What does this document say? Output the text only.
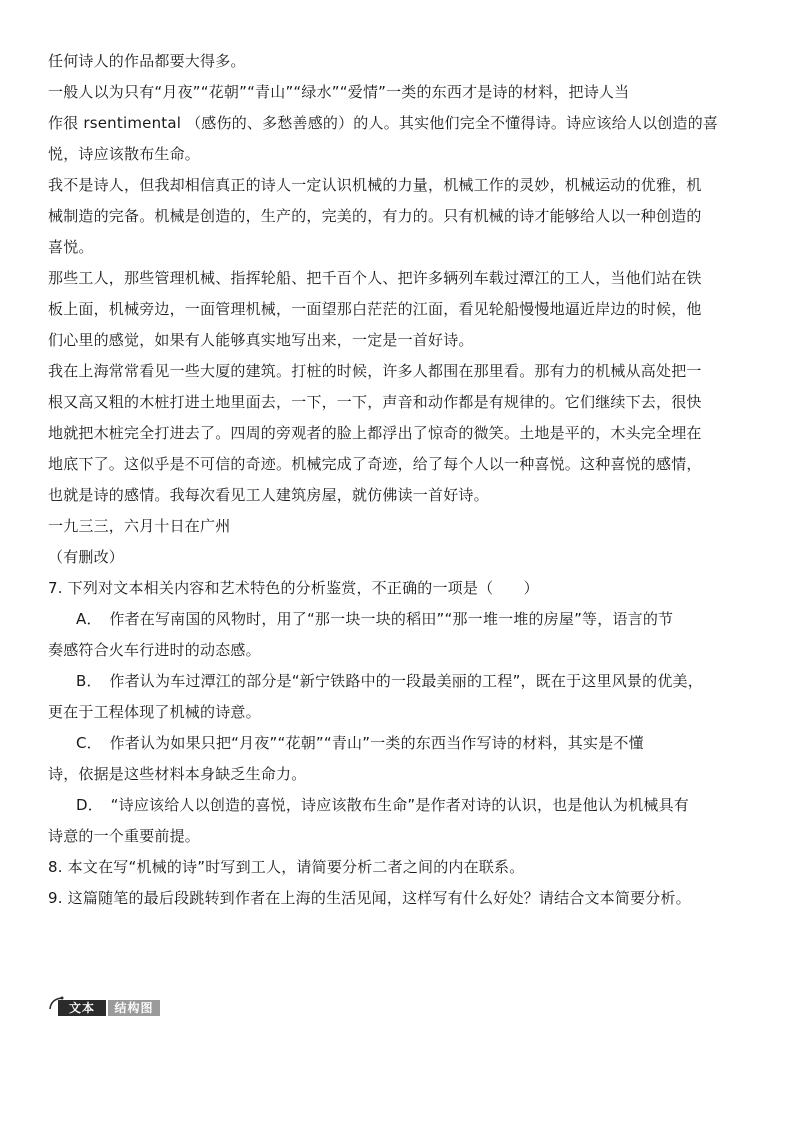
任何诗人的作品都要大得多。
一般人以为只有“月夜”“花朝”“青山”“绿水”“爱情”一类的东西才是诗的材料，把诗人当
作很 rsentimental （感伤的、多愁善感的）的人。其实他们完全不懂得诗。诗应该给人以创造的喜
悦，诗应该散布生命。
我不是诗人，但我却相信真正的诗人一定认识机械的力量，机械工作的灵妙，机械运动的优雅，机
械制造的完备。机械是创造的，生产的，完美的，有力的。只有机械的诗才能够给人以一种创造的
喜悦。
那些工人，那些管理机械、指挥轮船、把千百个人、把许多辆列车载过潭江的工人，当他们站在铁
板上面，机械旁边，一面管理机械，一面望那白茫茫的江面，看见轮船慢慢地逼近岸边的时候，他
们心里的感觉，如果有人能够真实地写出来，一定是一首好诗。
我在上海常常看见一些大厦的建筑。打桩的时候，许多人都围在那里看。那有力的机械从高处把一
根又高又粗的木桩打进土地里面去，一下，一下，声音和动作都是有规律的。它们继续下去，很快
地就把木桩完全打进去了。四周的旁观者的脸上都浮出了惊奇的微笑。土地是平的，木头完全埋在
地底下了。这似乎是不可信的奇迹。机械完成了奇迹，给了每个人以一种喜悦。这种喜悦的感情，
也就是诗的感情。我每次看见工人建筑房屋，就仿佛读一首好诗。
一九三三，六月十日在广州
（有删改）
7. 下列对文本相关内容和艺术特色的分析鉴赏，不正确的一项是（　　）
A．　作者在写南国的风物时，用了“那一块一块的稻田”“那一堆一堆的房屋”等，语言的节
奏感符合火车行进时的动态感。
B．　作者认为车过潭江的部分是“新宁铁路中的一段最美丽的工程”，既在于这里风景的优美，
更在于工程体现了机械的诗意。
C．　作者认为如果只把“月夜”“花朝”“青山”一类的东西当作写诗的材料，其实是不懂
诗，依据是这些材料本身缺乏生命力。
D．　“诗应该给人以创造的喜悦，诗应该散布生命”是作者对诗的认识，也是他认为机械具有
诗意的一个重要前提。
8. 本文在写“机械的诗”时写到工人，请简要分析二者之间的内在联系。
9. 这篇随笔的最后段跳转到作者在上海的生活见闻，这样写有什么好处？请结合文本简要分析。
文本	结构图
